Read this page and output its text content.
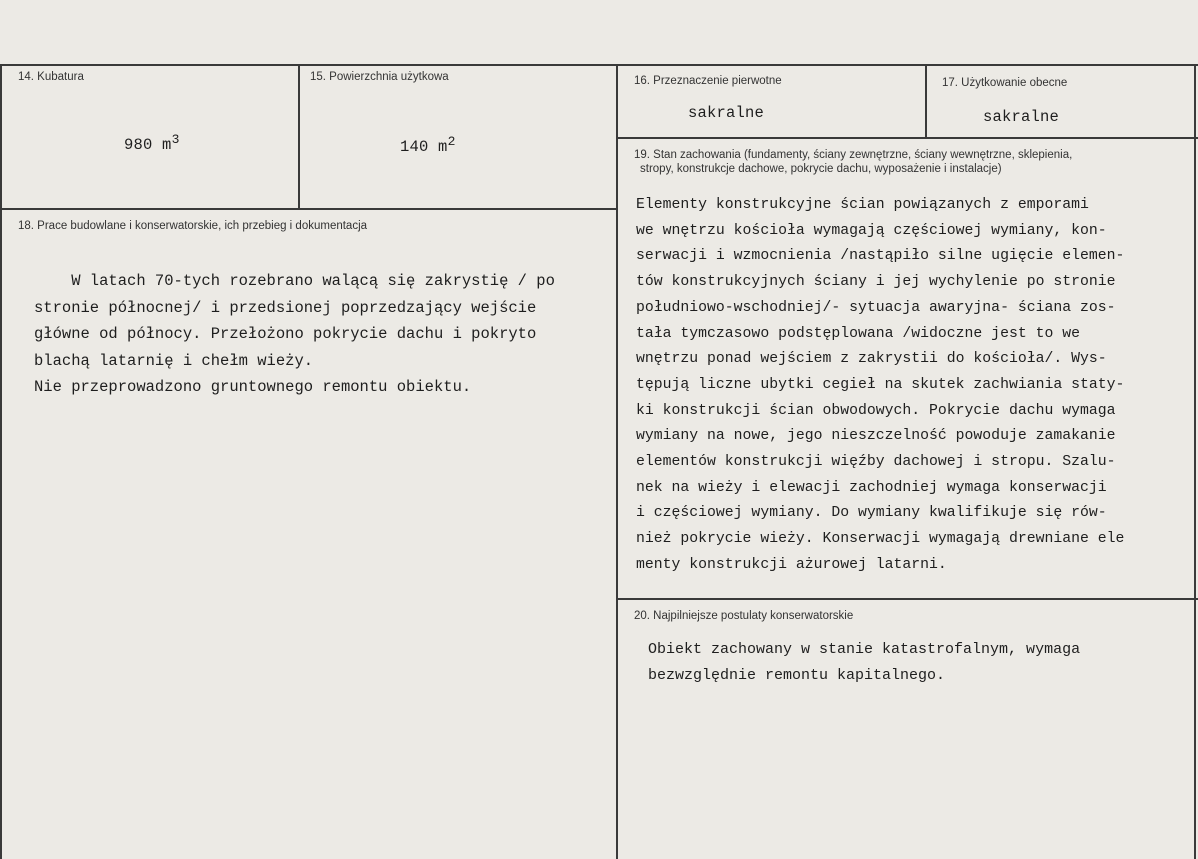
14. Kubatura

980 $m^3$

15. Powierzchnia użytkowa

140 $m^2$

16. Przeznaczenie pierwotne
sakralne
17. Użytkowanie obecne
sakralne
18. Prace budowlane i konserwatorskie, ich przebieg i dokumentacja
W latach 70-tych rozebrano walącą się zakrystię / po
stronie północnej/ i przedsionej poprzedzający wejście
główne od północy. Przełożono pokrycie dachu i pokryto
blachą latarnię i chełm wieży.
Nie przeprowadzono gruntownego remontu obiektu.
19. Stan zachowania (fundamenty, ściany zewnętrzne, ściany wewnętrzne, sklepienia,
stropy, konstrukcje dachowe, pokrycie dachu, wyposażenie i instalacje)
Elementy konstrukcyjne ścian powiązanych z emporami
we wnętrzu kościoła wymagają częściowej wymiany, kon-
serwacji i wzmocnienia /nastąpiło silne ugięcie elemen-
tów konstrukcyjnych ściany i jej wychylenie po stronie
południowo-wschodniej/- sytuacja awaryjna- ściana zos-
tała tymczasowo podstęplowana /widoczne jest to we
wnętrzu ponad wejściem z zakrystii do kościoła/. Wys-
tępują liczne ubytki cegieł na skutek zachwiania staty-
ki konstrukcji ścian obwodowych. Pokrycie dachu wymaga
wymiany na nowe, jego nieszczelność powoduje zamakanie
elementów konstrukcji więźby dachowej i stropu. Szalu-
nek na wieży i elewacji zachodniej wymaga konserwacji
i częściowej wymiany. Do wymiany kwalifikuje się rów-
nież pokrycie wieży. Konserwacji wymagają drewniane ele
menty konstrukcji ażurowej latarni.
20. Najpilniejsze postulaty konserwatorskie
Obiekt zachowany w stanie katastrofalnym, wymaga
bezwzględnie remontu kapitalnego.
